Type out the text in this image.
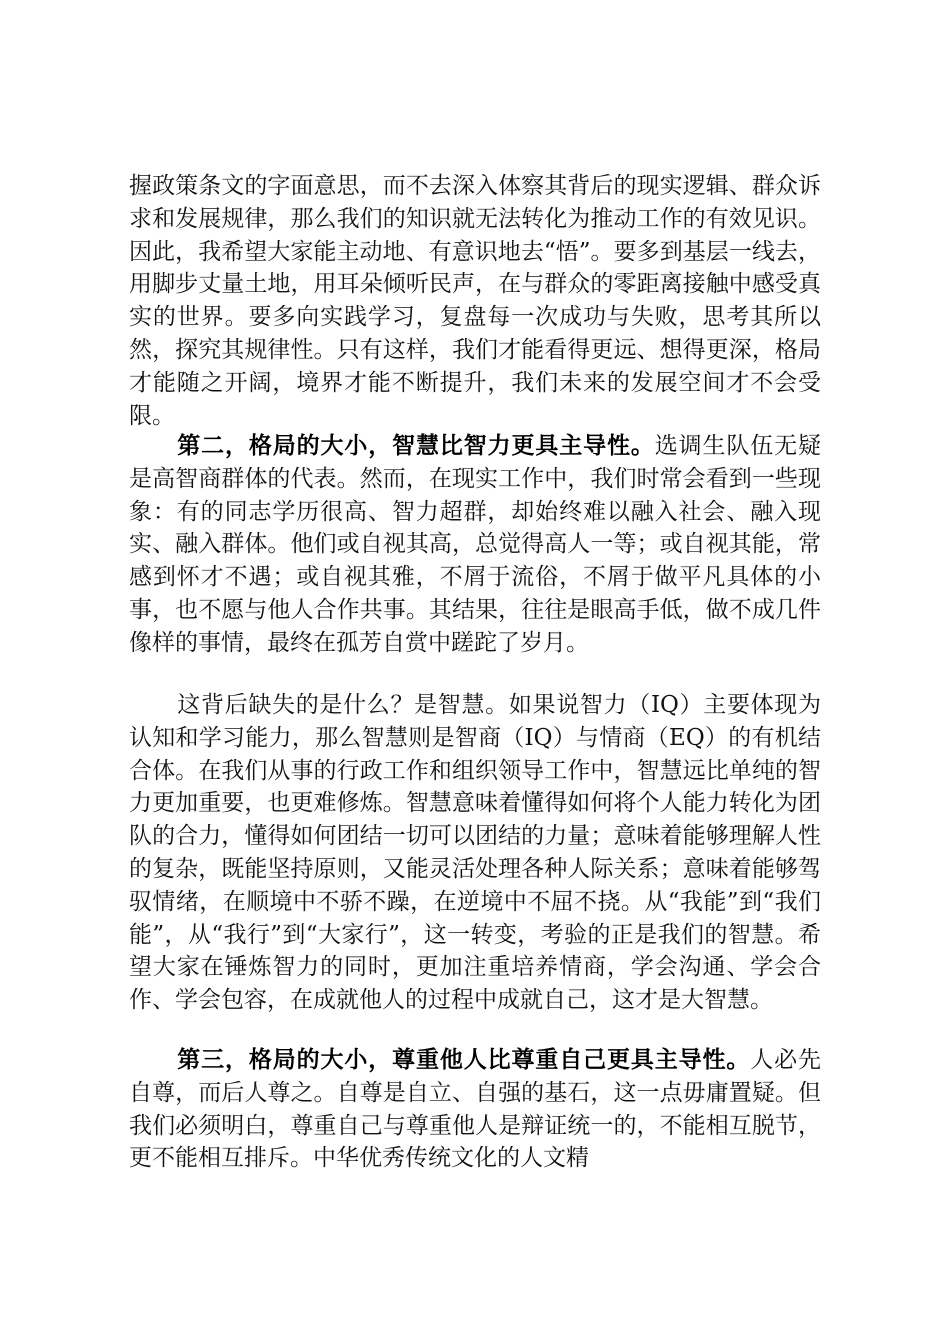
握政策条文的字面意思，而不去深入体察其背后的现实逻辑、群众诉求和发展规律，那么我们的知识就无法转化为推动工作的有效见识。因此，我希望大家能主动地、有意识地去“悟”。要多到基层一线去，用脚步丈量土地，用耳朵倾听民声，在与群众的零距离接触中感受真实的世界。要多向实践学习，复盘每一次成功与失败，思考其所以然，探究其规律性。只有这样，我们才能看得更远、想得更深，格局才能随之开阔，境界才能不断提升，我们未来的发展空间才不会受限。

第二，格局的大小，智慧比智力更具主导性。选调生队伍无疑是高智商群体的代表。然而，在现实工作中，我们时常会看到一些现象：有的同志学历很高、智力超群，却始终难以融入社会、融入现实、融入群体。他们或自视其高，总觉得高人一等；或自视其能，常感到怀才不遇；或自视其雅，不屑于流俗，不屑于做平凡具体的小事，也不愿与他人合作共事。其结果，往往是眼高手低，做不成几件像样的事情，最终在孤芳自赏中蹉跎了岁月。

这背后缺失的是什么？是智慧。如果说智力（IQ）主要体现为认知和学习能力，那么智慧则是智商（IQ）与情商（EQ）的有机结合体。在我们从事的行政工作和组织领导工作中，智慧远比单纯的智力更加重要，也更难修炼。智慧意味着懂得如何将个人能力转化为团队的合力，懂得如何团结一切可以团结的力量；意味着能够理解人性的复杂，既能坚持原则，又能灵活处理各种人际关系；意味着能够驾驭情绪，在顺境中不骄不躁，在逆境中不屈不挠。从“我能”到“我们能”，从“我行”到“大家行”，这一转变，考验的正是我们的智慧。希望大家在锤炼智力的同时，更加注重培养情商，学会沟通、学会合作、学会包容，在成就他人的过程中成就自己，这才是大智慧。

第三，格局的大小，尊重他人比尊重自己更具主导性。人必先自尊，而后人尊之。自尊是自立、自强的基石，这一点毋庸置疑。但我们必须明白，尊重自己与尊重他人是辩证统一的，不能相互脱节，更不能相互排斥。中华优秀传统文化的人文精
